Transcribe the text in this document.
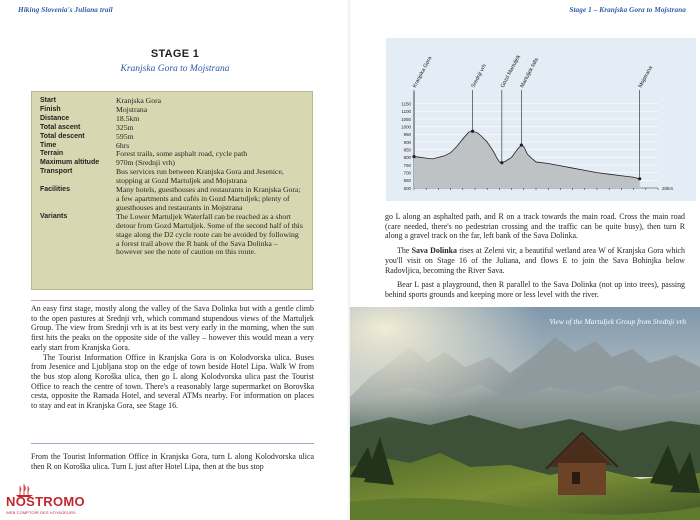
Hiking Slovenia's Juliana trail
STAGE 1
Kranjska Gora to Mojstrana
Start	Kranjska Gora
Finish	Mojstrana
Distance	18.5km
Total ascent	325m
Total descent	595m
Time	6hrs
Terrain	Forest trails, some asphalt road, cycle path
Maximum altitude	970m (Srednji vrh)
Transport	Bus services run between Kranjska Gora and Jesenice, stopping at Gozd Martuljek and Mojstrana
Facilities	Many hotels, guesthouses and restaurants in Kranjska Gora; a few apartments and cafés in Gozd Martuljek; plenty of guesthouses and restaurants in Mojstrana
Variants	The Lower Martuljek Waterfall can be reached as a short detour from Gozd Martuljek. Some of the second half of this stage along the D2 cycle route can be avoided by following a forest trail above the R bank of the Sava Dolinka – however see the note of caution on this route.

An easy first stage, mostly along the valley of the Sava Dolinka but with a gentle climb to the open pastures at Srednji vrh, which command stupendous views of the Martuljek Group. The view from Srednji vrh is at its best very early in the morning, when the sun first hits the peaks on the opposite side of the valley – however this would mean a very early start from Kranjska Gora.

The Tourist Information Office in Kranjska Gora is on Kolodvorska ulica. Buses from Jesenice and Ljubljana stop on the edge of town beside Hotel Lipa. Walk W from the bus stop along Koroška ulica, then go L along Kolodvorska ulica past the Tourist Office to reach the centre of town. There's a reasonably large supermarket on Borovška cesta, opposite the Ramada Hotel, and several ATMs nearby. For information on places to stay and eat in Kranjska Gora, see Stage 16.

From the Tourist Information Office in Kranjska Gora, turn L along Kolodvorska ulica then R on Koroška ulica. Turn L just after Hotel Lipa, then at the bus stop

NOSTROMO
WEB COMPTOIR DES VOYAGEURS
Stage 1 – Kranjska Gora to Mojstrana
600
650
700
750
800
850
900
950
1000
1050
1100
1150
20km
Kranjska Gora	Srednji vrh Gozd Martuljek
Martuljek falls	Mojstrana

go L along an asphalted path, and R on a track towards the main road. Cross the main road (care needed, there's no pedestrian crossing and the traffic can be quite busy), then turn R along a gravel track on the far, left bank of the Sava Dolinka.

The Sava Dolinka rises at Zeleni vir, a beautiful wetland area W of Kranjska Gora which you'll visit on Stage 16 of the Juliana, and flows E to join the Sava Bohinjka below Radovljica, becoming the River Sava.

Bear L past a playground, then R parallel to the Sava Dolinka (not up into trees), passing behind sports grounds and keeping more or less level with the river.

View of the Martuljek Group from Srednji vrh
